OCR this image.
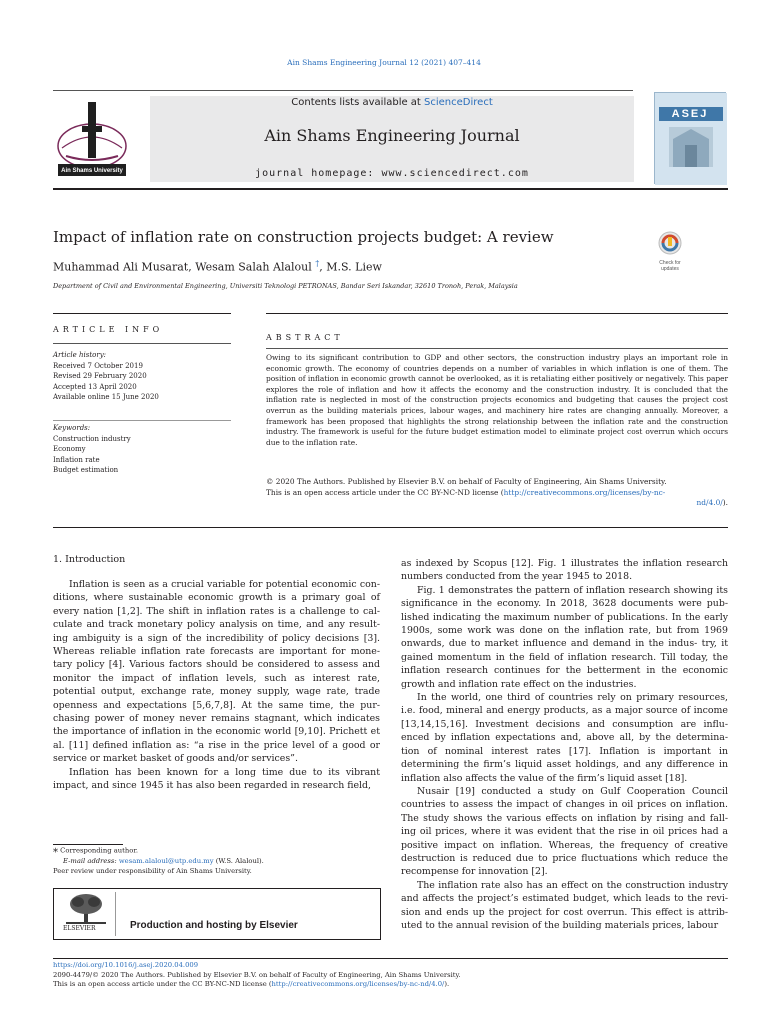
Ain Shams Engineering Journal 12 (2021) 407–414
Ain Shams University
Contents lists available at ScienceDirect
Ain Shams Engineering Journal
journal homepage: www.sciencedirect.com
ASEJ
Impact of inflation rate on construction projects budget: A review
Check for updates
Muhammad Ali Musarat, Wesam Salah Alaloul †, M.S. Liew
Department of Civil and Environmental Engineering, Universiti Teknologi PETRONAS, Bandar Seri Iskandar, 32610 Tronoh, Perak, Malaysia
ARTICLE INFO
ABSTRACT
Article history:
Received 7 October 2019
Revised 29 February 2020
Accepted 13 April 2020
Available online 15 June 2020
Keywords:
Construction industry
Economy
Inflation rate
Budget estimation
Owing to its significant contribution to GDP and other sectors, the construction industry plays an important role in economic growth. The economy of countries depends on a number of variables in which inflation is one of them. The position of inflation in economic growth cannot be overlooked, as it is retaliating either positively or negatively. This paper explores the role of inflation and how it affects the economy and the construction industry. It is concluded that the inflation rate is neglected in most of the construction projects economics and budgeting that causes the project cost overrun as the building materials prices, labour wages, and machinery hire rates are changing annually. Moreover, a framework has been proposed that highlights the strong relationship between the inflation rate and the construction industry. The framework is useful for the future budget estimation model to eliminate project cost overrun which occurs due to the inflation rate.
© 2020 The Authors. Published by Elsevier B.V. on behalf of Faculty of Engineering, Ain Shams University.
This is an open access article under the CC BY-NC-ND license (http://creativecommons.org/licenses/by-nc-
nd/4.0/).
1. Introduction

Inflation is seen as a crucial variable for potential economic con- ditions, where sustainable economic growth is a primary goal of every nation [1,2]. The shift in inflation rates is a challenge to cal- culate and track monetary policy analysis on time, and any result- ing ambiguity is a sign of the incredibility of policy decisions [3]. Whereas reliable inflation rate forecasts are important for mone- tary policy [4]. Various factors should be considered to assess and monitor the impact of inflation levels, such as interest rate, potential output, exchange rate, money supply, wage rate, trade openness and expectations [5,6,7,8]. At the same time, the pur- chasing power of money never remains stagnant, which indicates the importance of inflation in the economic world [9,10]. Prichett et al. [11] defined inflation as: “a rise in the price level of a good or service or market basket of goods and/or services”.

Inflation has been known for a long time due to its vibrant impact, and since 1945 it has also been regarded in research field,

as indexed by Scopus [12]. Fig. 1 illustrates the inflation research numbers conducted from the year 1945 to 2018.

Fig. 1 demonstrates the pattern of inflation research showing its significance in the economy. In 2018, 3628 documents were pub- lished indicating the maximum number of publications. In the early 1900s, some work was done on the inflation rate, but from 1969 onwards, due to market influence and demand in the indus- try, it gained momentum in the field of inflation research. Till today, the inflation research continues for the betterment in the economic growth and inflation rate effect on the industries.

In the world, one third of countries rely on primary resources, i.e. food, mineral and energy products, as a major source of income [13,14,15,16]. Investment decisions and consumption are influ- enced by inflation expectations and, above all, by the determina- tion of nominal interest rates [17]. Inflation is important in determining the firm’s liquid asset holdings, and any difference in inflation also affects the value of the firm’s liquid asset [18].

Nusair [19] conducted a study on Gulf Cooperation Council countries to assess the impact of changes in oil prices on inflation. The study shows the various effects on inflation by rising and fall- ing oil prices, where it was evident that the rise in oil prices had a positive impact on inflation. Whereas, the frequency of creative destruction is reduced due to price fluctuations which reduce the recompense for innovation [2].

The inflation rate also has an effect on the construction industry and affects the project’s estimated budget, which leads to the revi- sion and ends up the project for cost overrun. This effect is attrib- uted to the annual revision of the building materials prices, labour

⁎ Corresponding author.
E-mail address: wesam.alaloul@utp.edu.my (W.S. Alaloul).
Peer review under responsibility of Ain Shams University.
ELSEVIER	Production and hosting by Elsevier
https://doi.org/10.1016/j.asej.2020.04.009
2090-4479/© 2020 The Authors. Published by Elsevier B.V. on behalf of Faculty of Engineering, Ain Shams University.
This is an open access article under the CC BY-NC-ND license (http://creativecommons.org/licenses/by-nc-nd/4.0/).
